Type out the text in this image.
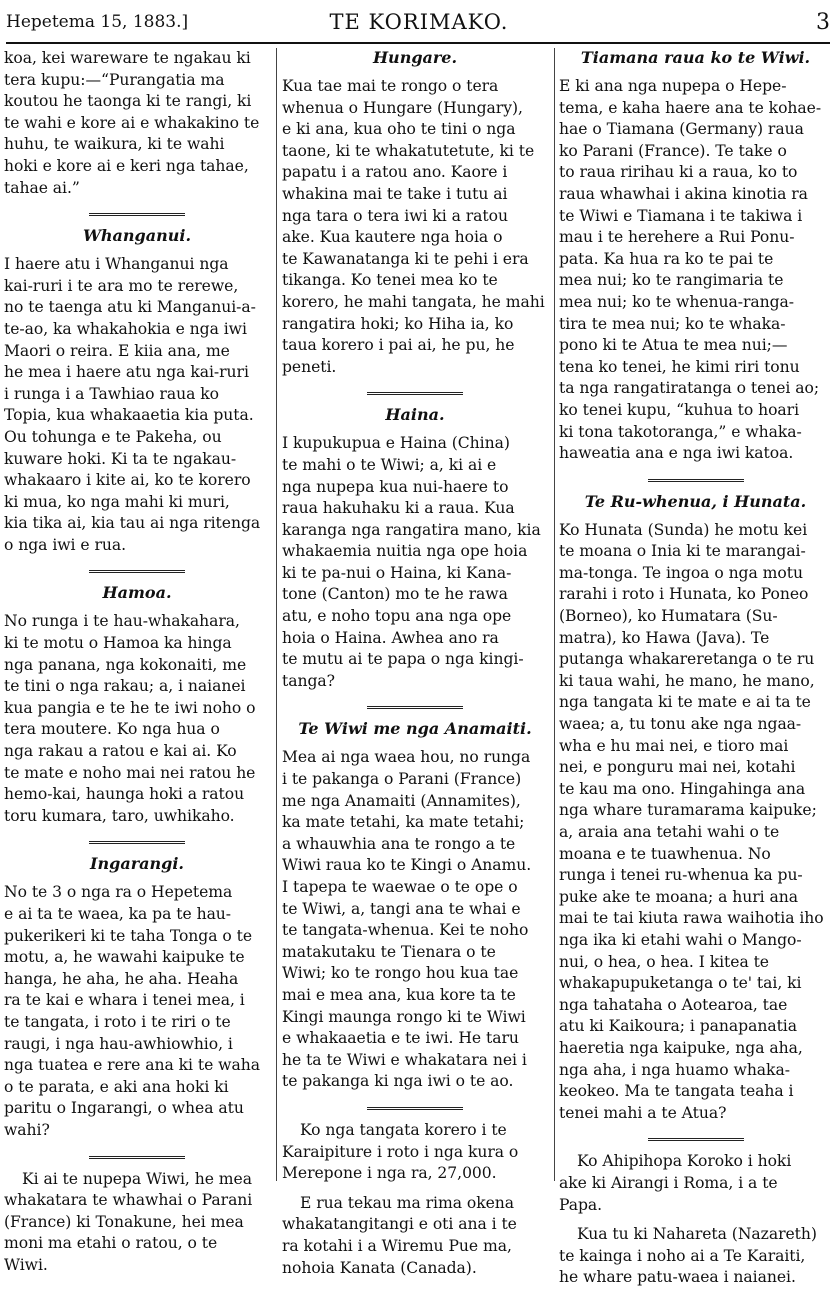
Hepetema 15, 1883.]	TE KORIMAKO.	3

koa, kei wareware te ngakau ki
tera kupu:—“Purangatia ma
koutou he taonga ki te rangi, ki
te wahi e kore ai e whakakino te
huhu, te waikura, ki te wahi
hoki e kore ai e keri nga tahae,
tahae ai.”

Whanganui.

I haere atu i Whanganui nga
kai-ruri i te ara mo te rerewe,
no te taenga atu ki Manganui-a-
te-ao, ka whakahokia e nga iwi
Maori o reira. E kiia ana, me
he mea i haere atu nga kai-ruri
i runga i a Tawhiao raua ko
Topia, kua whakaaetia kia puta.
Ou tohunga e te Pakeha, ou
kuware hoki. Ki ta te ngakau-
whakaaro i kite ai, ko te korero
ki mua, ko nga mahi ki muri,
kia tika ai, kia tau ai nga ritenga
o nga iwi e rua.

Hamoa.

No runga i te hau-whakahara,
ki te motu o Hamoa ka hinga
nga panana, nga kokonaiti, me
te tini o nga rakau; a, i naianei
kua pangia e te he te iwi noho o
tera moutere. Ko nga hua o
nga rakau a ratou e kai ai. Ko
te mate e noho mai nei ratou he
hemo-kai, haunga hoki a ratou
toru kumara, taro, uwhikaho.

Ingarangi.

No te 3 o nga ra o Hepetema
e ai ta te waea, ka pa te hau-
pukerikeri ki te taha Tonga o te
motu, a, he wawahi kaipuke te
hanga, he aha, he aha. Heaha
ra te kai e whara i tenei mea, i
te tangata, i roto i te riri o te
raugi, i nga hau-awhiowhio, i
nga tuatea e rere ana ki te waha
o te parata, e aki ana hoki ki
paritu o Ingarangi, o whea atu
wahi?

Ki ai te nupepa Wiwi, he mea
whakatara te whawhai o Parani
(France) ki Tonakune, hei mea
moni ma etahi o ratou, o te
Wiwi.

Hungare.

Kua tae mai te rongo o tera
whenua o Hungare (Hungary),
e ki ana, kua oho te tini o nga
taone, ki te whakatutetute, ki te
papatu i a ratou ano. Kaore i
whakina mai te take i tutu ai
nga tara o tera iwi ki a ratou
ake. Kua kautere nga hoia o
te Kawanatanga ki te pehi i era
tikanga. Ko tenei mea ko te
korero, he mahi tangata, he mahi
rangatira hoki; ko Hiha ia, ko
taua korero i pai ai, he pu, he
peneti.

Haina.

I kupukupua e Haina (China)
te mahi o te Wiwi; a, ki ai e
nga nupepa kua nui-haere to
raua hakuhaku ki a raua. Kua
karanga nga rangatira mano, kia
whakaemia nuitia nga ope hoia
ki te pa-nui o Haina, ki Kana-
tone (Canton) mo te he rawa
atu, e noho topu ana nga ope
hoia o Haina. Awhea ano ra
te mutu ai te papa o nga kingi-
tanga?

Te Wiwi me nga Anamaiti.

Mea ai nga waea hou, no runga
i te pakanga o Parani (France)
me nga Anamaiti (Annamites),
ka mate tetahi, ka mate tetahi;
a whauwhia ana te rongo a te
Wiwi raua ko te Kingi o Anamu.
I tapepa te waewae o te ope o
te Wiwi, a, tangi ana te whai e
te tangata-whenua. Kei te noho
matakutaku te Tienara o te
Wiwi; ko te rongo hou kua tae
mai e mea ana, kua kore ta te
Kingi maunga rongo ki te Wiwi
e whakaaetia e te iwi. He taru
he ta te Wiwi e whakatara nei i
te pakanga ki nga iwi o te ao.

Ko nga tangata korero i te
Karaipiture i roto i nga kura o
Merepone i nga ra, 27,000.

E rua tekau ma rima okena
whakatangitangi e oti ana i te
ra kotahi i a Wiremu Pue ma,
nohoia Kanata (Canada).

Tiamana raua ko te Wiwi.

E ki ana nga nupepa o Hepe-
tema, e kaha haere ana te kohae-
hae o Tiamana (Germany) raua
ko Parani (France). Te take o
to raua ririhau ki a raua, ko to
raua whawhai i akina kinotia ra
te Wiwi e Tiamana i te takiwa i
mau i te herehere a Rui Ponu-
pata. Ka hua ra ko te pai te
mea nui; ko te rangimaria te
mea nui; ko te whenua-ranga-
tira te mea nui; ko te whaka-
pono ki te Atua te mea nui;—
tena ko tenei, he kimi riri tonu
ta nga rangatiratanga o tenei ao;
ko tenei kupu, “kuhua to hoari
ki tona takotoranga,” e whaka-
haweatia ana e nga iwi katoa.

Te Ru-whenua, i Hunata.

Ko Hunata (Sunda) he motu kei
te moana o Inia ki te marangai-
ma-tonga. Te ingoa o nga motu
rarahi i roto i Hunata, ko Poneo
(Borneo), ko Humatara (Su-
matra), ko Hawa (Java). Te
putanga whakareretanga o te ru
ki taua wahi, he mano, he mano,
nga tangata ki te mate e ai ta te
waea; a, tu tonu ake nga ngaa-
wha e hu mai nei, e tioro mai
nei, e ponguru mai nei, kotahi
te kau ma ono. Hingahinga ana
nga whare turamarama kaipuke;
a, araia ana tetahi wahi o te
moana e te tuawhenua. No
runga i tenei ru-whenua ka pu-
puke ake te moana; a huri ana
mai te tai kiuta rawa waihotia iho
nga ika ki etahi wahi o Mango-
nui, o hea, o hea. I kitea te
whakapupuketanga o te' tai, ki
nga tahataha o Aotearoa, tae
atu ki Kaikoura; i panapanatia
haeretia nga kaipuke, nga aha,
nga aha, i nga huamo whaka-
keokeo. Ma te tangata teaha i
tenei mahi a te Atua?

Ko Ahipihopa Koroko i hoki
ake ki Airangi i Roma, i a te
Papa.

Kua tu ki Nahareta (Nazareth)
te kainga i noho ai a Te Karaiti,
he whare patu-waea i naianei.
